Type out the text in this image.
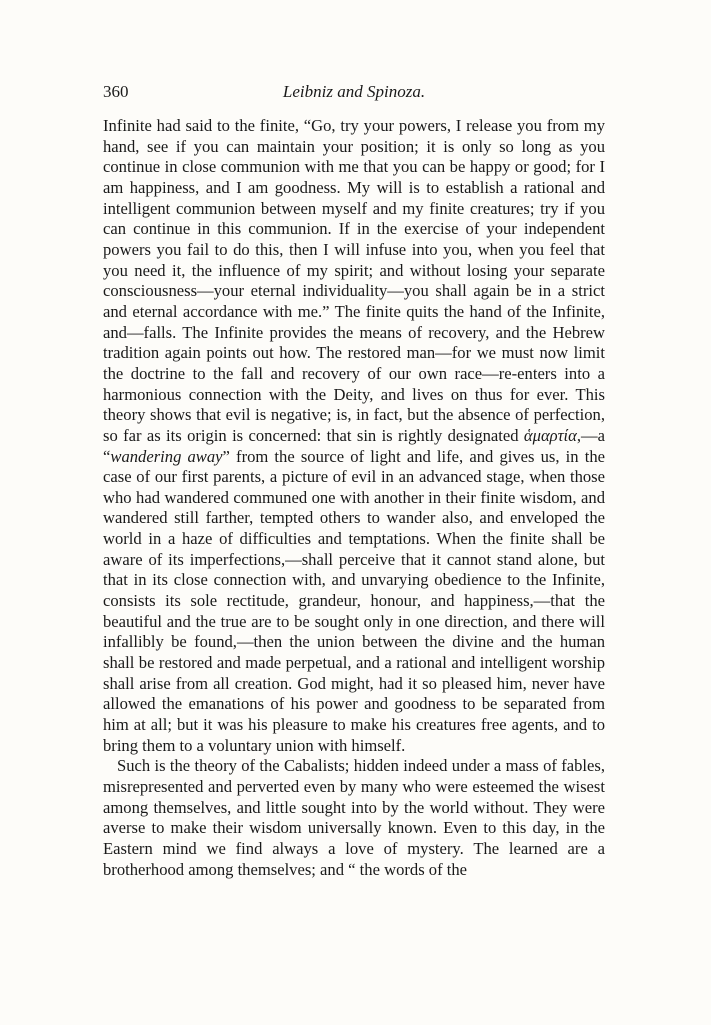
360	Leibniz and Spinoza.

Infinite had said to the finite, “Go, try your powers, I release you from my hand, see if you can maintain your position; it is only so long as you continue in close communion with me that you can be happy or good; for I am happiness, and I am goodness. My will is to establish a rational and intelligent communion between myself and my finite creatures; try if you can continue in this communion. If in the exercise of your independent powers you fail to do this, then I will infuse into you, when you feel that you need it, the influence of my spirit; and without losing your separate consciousness—your eternal individuality—you shall again be in a strict and eternal accordance with me.” The finite quits the hand of the Infinite, and—falls. The Infinite provides the means of recovery, and the Hebrew tradition again points out how. The restored man—for we must now limit the doctrine to the fall and recovery of our own race—re-enters into a harmonious connection with the Deity, and lives on thus for ever. This theory shows that evil is negative; is, in fact, but the absence of perfection, so far as its origin is concerned: that sin is rightly designated ἁμαρτία,—a “wandering away” from the source of light and life, and gives us, in the case of our first parents, a picture of evil in an advanced stage, when those who had wandered communed one with another in their finite wisdom, and wandered still farther, tempted others to wander also, and enveloped the world in a haze of difficulties and temptations. When the finite shall be aware of its imperfections,—shall perceive that it cannot stand alone, but that in its close connection with, and unvarying obedience to the Infinite, consists its sole rectitude, grandeur, honour, and happiness,—that the beautiful and the true are to be sought only in one direction, and there will infallibly be found,—then the union between the divine and the human shall be restored and made perpetual, and a rational and intelligent worship shall arise from all creation. God might, had it so pleased him, never have allowed the emanations of his power and goodness to be separated from him at all; but it was his pleasure to make his creatures free agents, and to bring them to a voluntary union with himself.

Such is the theory of the Cabalists; hidden indeed under a mass of fables, misrepresented and perverted even by many who were esteemed the wisest among themselves, and little sought into by the world without. They were averse to make their wisdom universally known. Even to this day, in the Eastern mind we find always a love of mystery. The learned are a brotherhood among themselves; and “ the words of the
